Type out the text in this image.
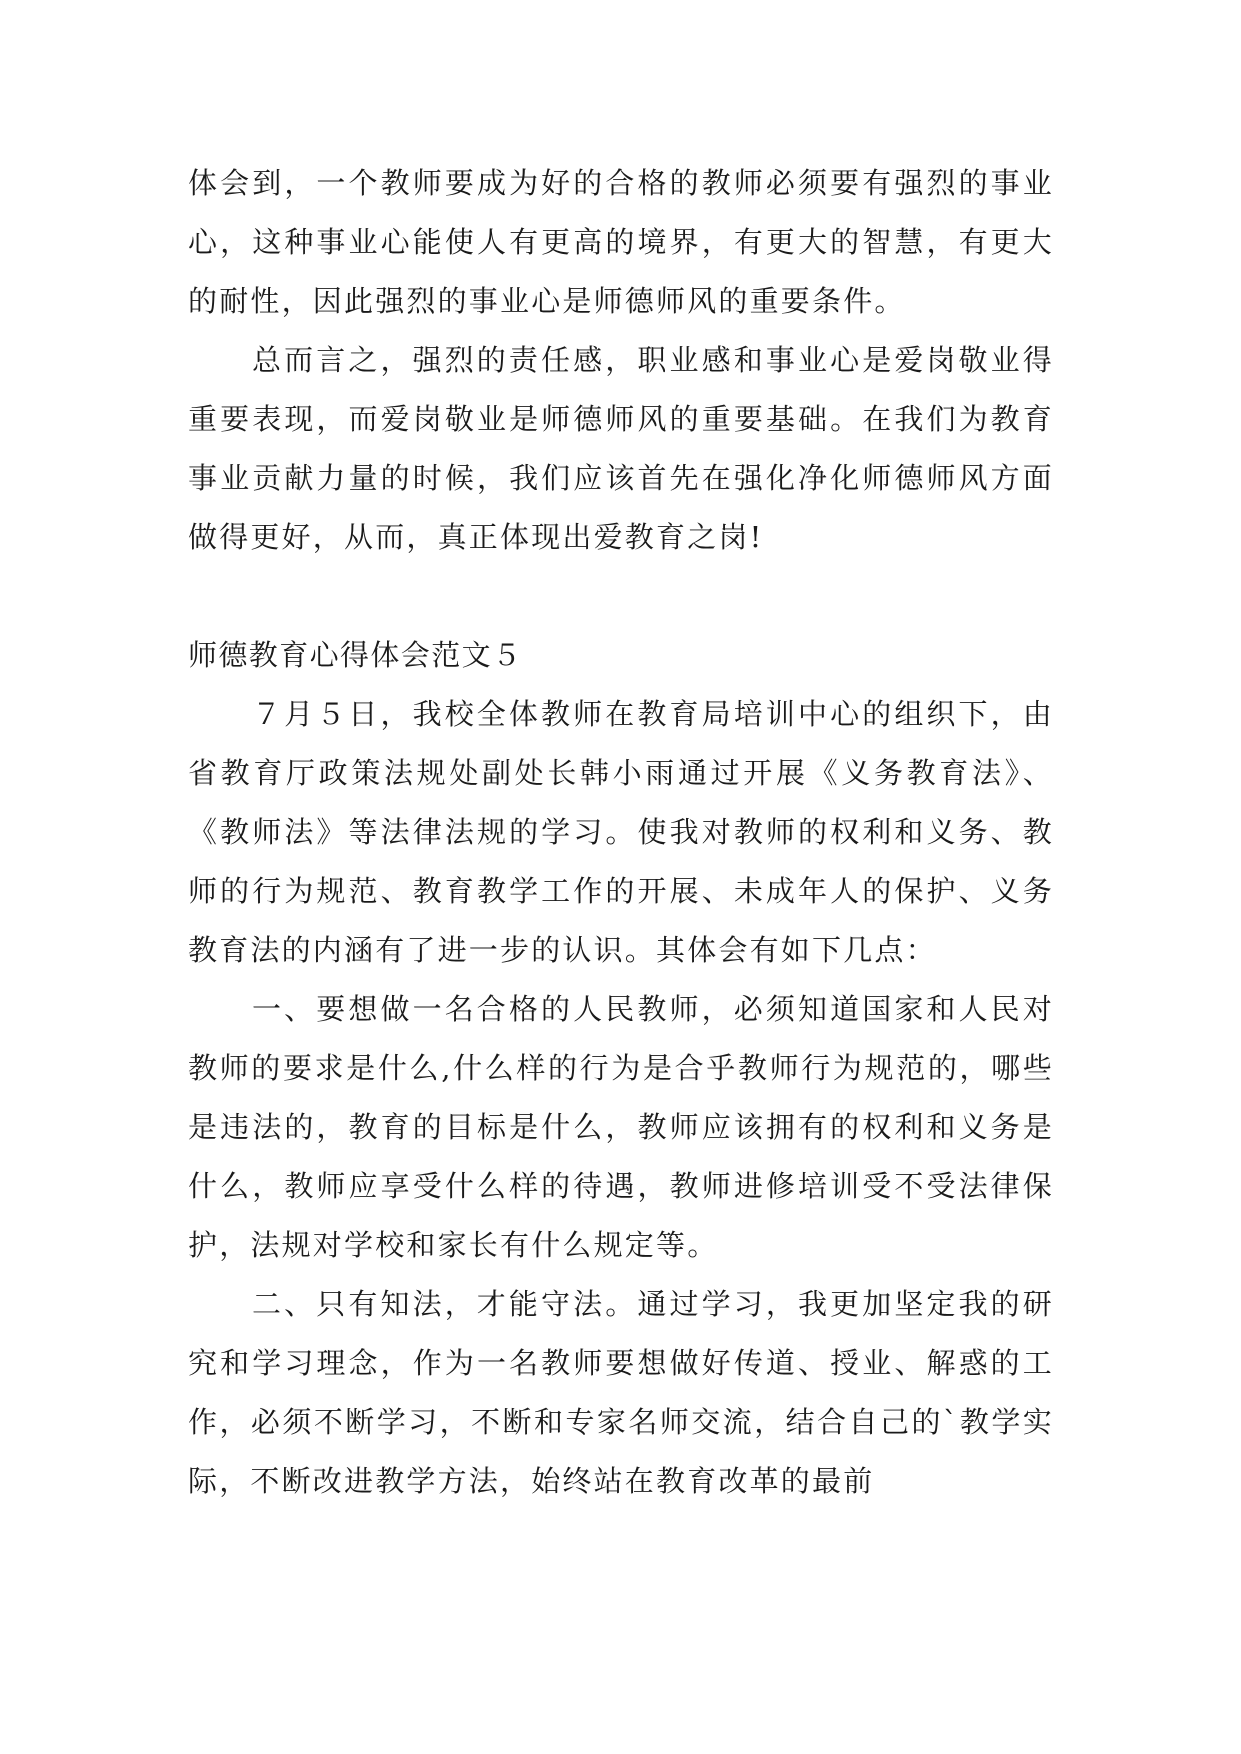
体会到，一个教师要成为好的合格的教师必须要有强烈的事业心，这种事业心能使人有更高的境界，有更大的智慧，有更大的耐性，因此强烈的事业心是师德师风的重要条件。

总而言之，强烈的责任感，职业感和事业心是爱岗敬业得重要表现，而爱岗敬业是师德师风的重要基础。在我们为教育事业贡献力量的时候，我们应该首先在强化净化师德师风方面做得更好，从而，真正体现出爱教育之岗!

师德教育心得体会范文５

７月５日，我校全体教师在教育局培训中心的组织下，由省教育厅政策法规处副处长韩小雨通过开展《义务教育法》、《教师法》等法律法规的学习。使我对教师的权利和义务、教师的行为规范、教育教学工作的开展、未成年人的保护、义务教育法的内涵有了进一步的认识。其体会有如下几点：

一、要想做一名合格的人民教师，必须知道国家和人民对教师的要求是什么,什么样的行为是合乎教师行为规范的，哪些是违法的，教育的目标是什么，教师应该拥有的权利和义务是什么，教师应享受什么样的待遇，教师进修培训受不受法律保护，法规对学校和家长有什么规定等。

二、只有知法，才能守法。通过学习，我更加坚定我的研究和学习理念，作为一名教师要想做好传道、授业、解惑的工作，必须不断学习，不断和专家名师交流，结合自己的`教学实际，不断改进教学方法，始终站在教育改革的最前
